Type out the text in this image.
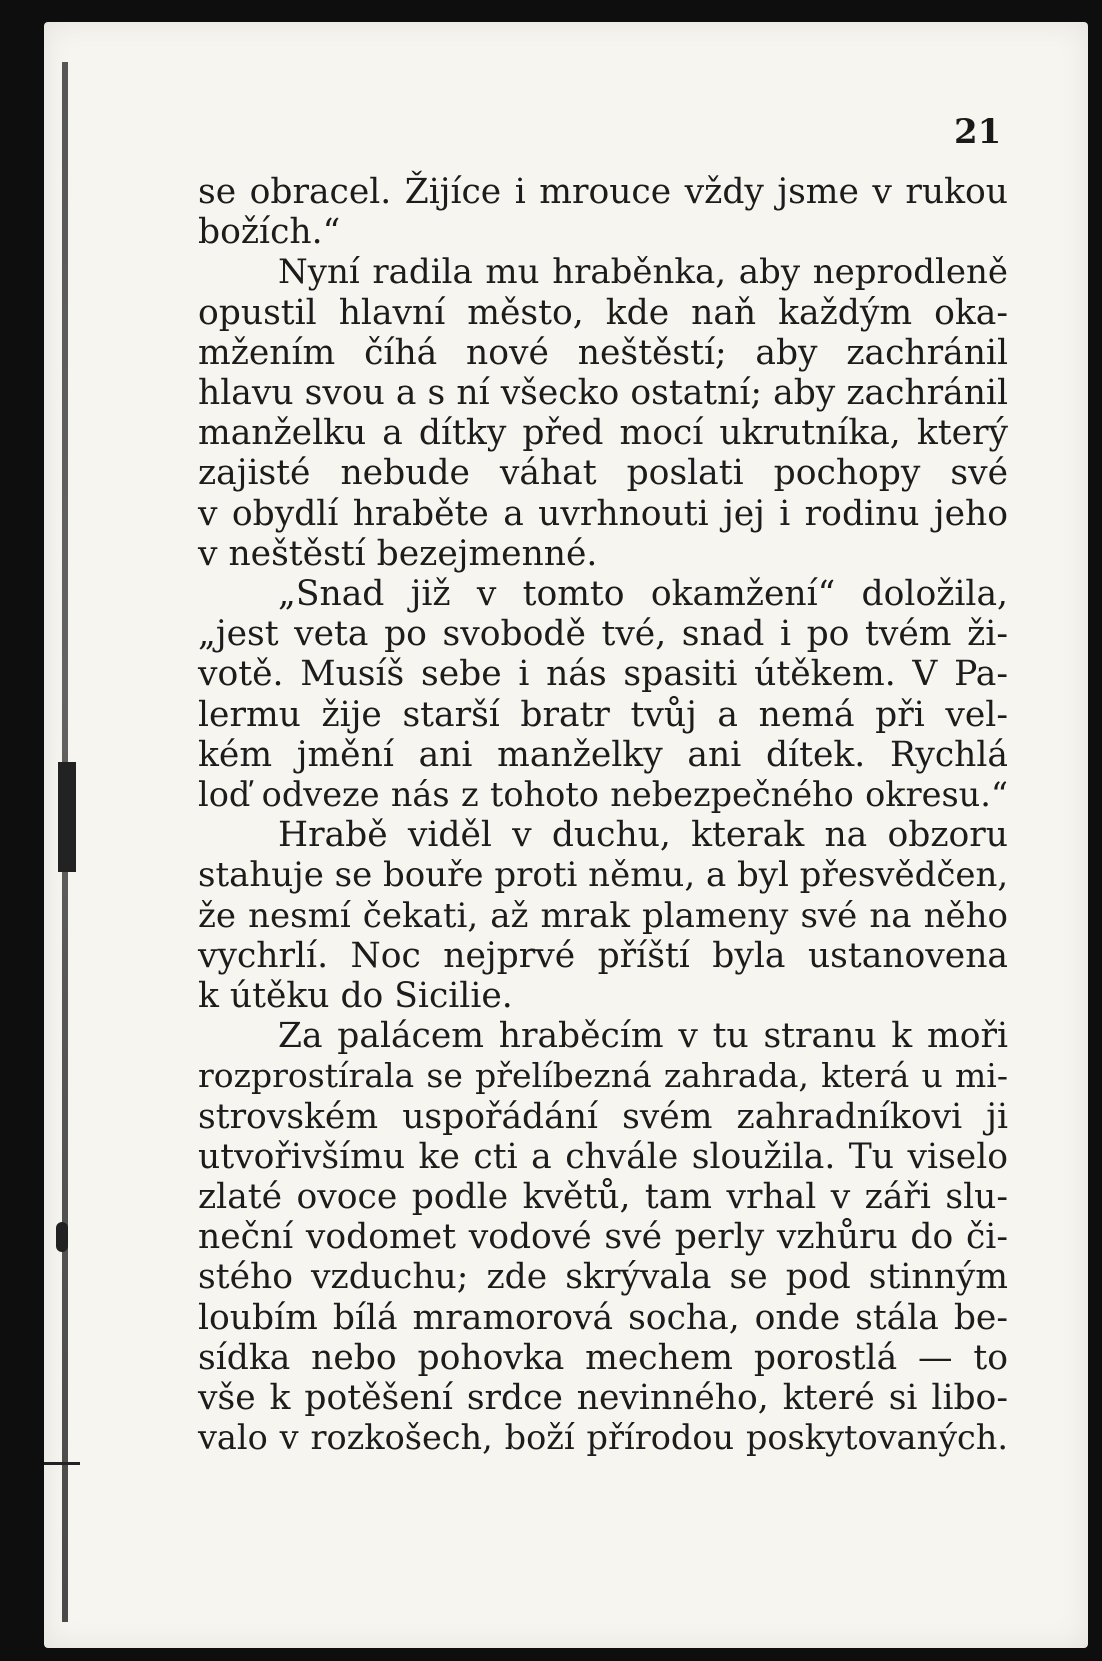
21
se obracel. Žijíce i mrouce vždy jsme v rukou
božích.“
Nyní radila mu hraběnka, aby neprodleně
opustil hlavní město, kde naň každým oka-
mžením číhá nové neštěstí; aby zachránil
hlavu svou a s ní všecko ostatní; aby zachránil
manželku a dítky před mocí ukrutníka, který
zajisté nebude váhat poslati pochopy své
v obydlí hraběte a uvrhnouti jej i rodinu jeho
v neštěstí bezejmenné.
„Snad již v tomto okamžení“ doložila,
„jest veta po svobodě tvé, snad i po tvém ži-
votě. Musíš sebe i nás spasiti útěkem. V Pa-
lermu žije starší bratr tvůj a nemá při vel-
kém jmění ani manželky ani dítek. Rychlá
loď odveze nás z tohoto nebezpečného okresu.“
Hrabě viděl v duchu, kterak na obzoru
stahuje se bouře proti němu, a byl přesvědčen,
že nesmí čekati, až mrak plameny své na něho
vychrlí. Noc nejprvé příští byla ustanovena
k útěku do Sicilie.
Za palácem hraběcím v tu stranu k moři
rozprostírala se přelíbezná zahrada, která u mi-
strovském uspořádání svém zahradníkovi ji
utvořivšímu ke cti a chvále sloužila. Tu viselo
zlaté ovoce podle květů, tam vrhal v záři slu-
neční vodomet vodové své perly vzhůru do či-
stého vzduchu; zde skrývala se pod stinným
loubím bílá mramorová socha, onde stála be-
sídka nebo pohovka mechem porostlá — to
vše k potěšení srdce nevinného, které si libo-
valo v rozkošech, boží přírodou poskytovaných.
